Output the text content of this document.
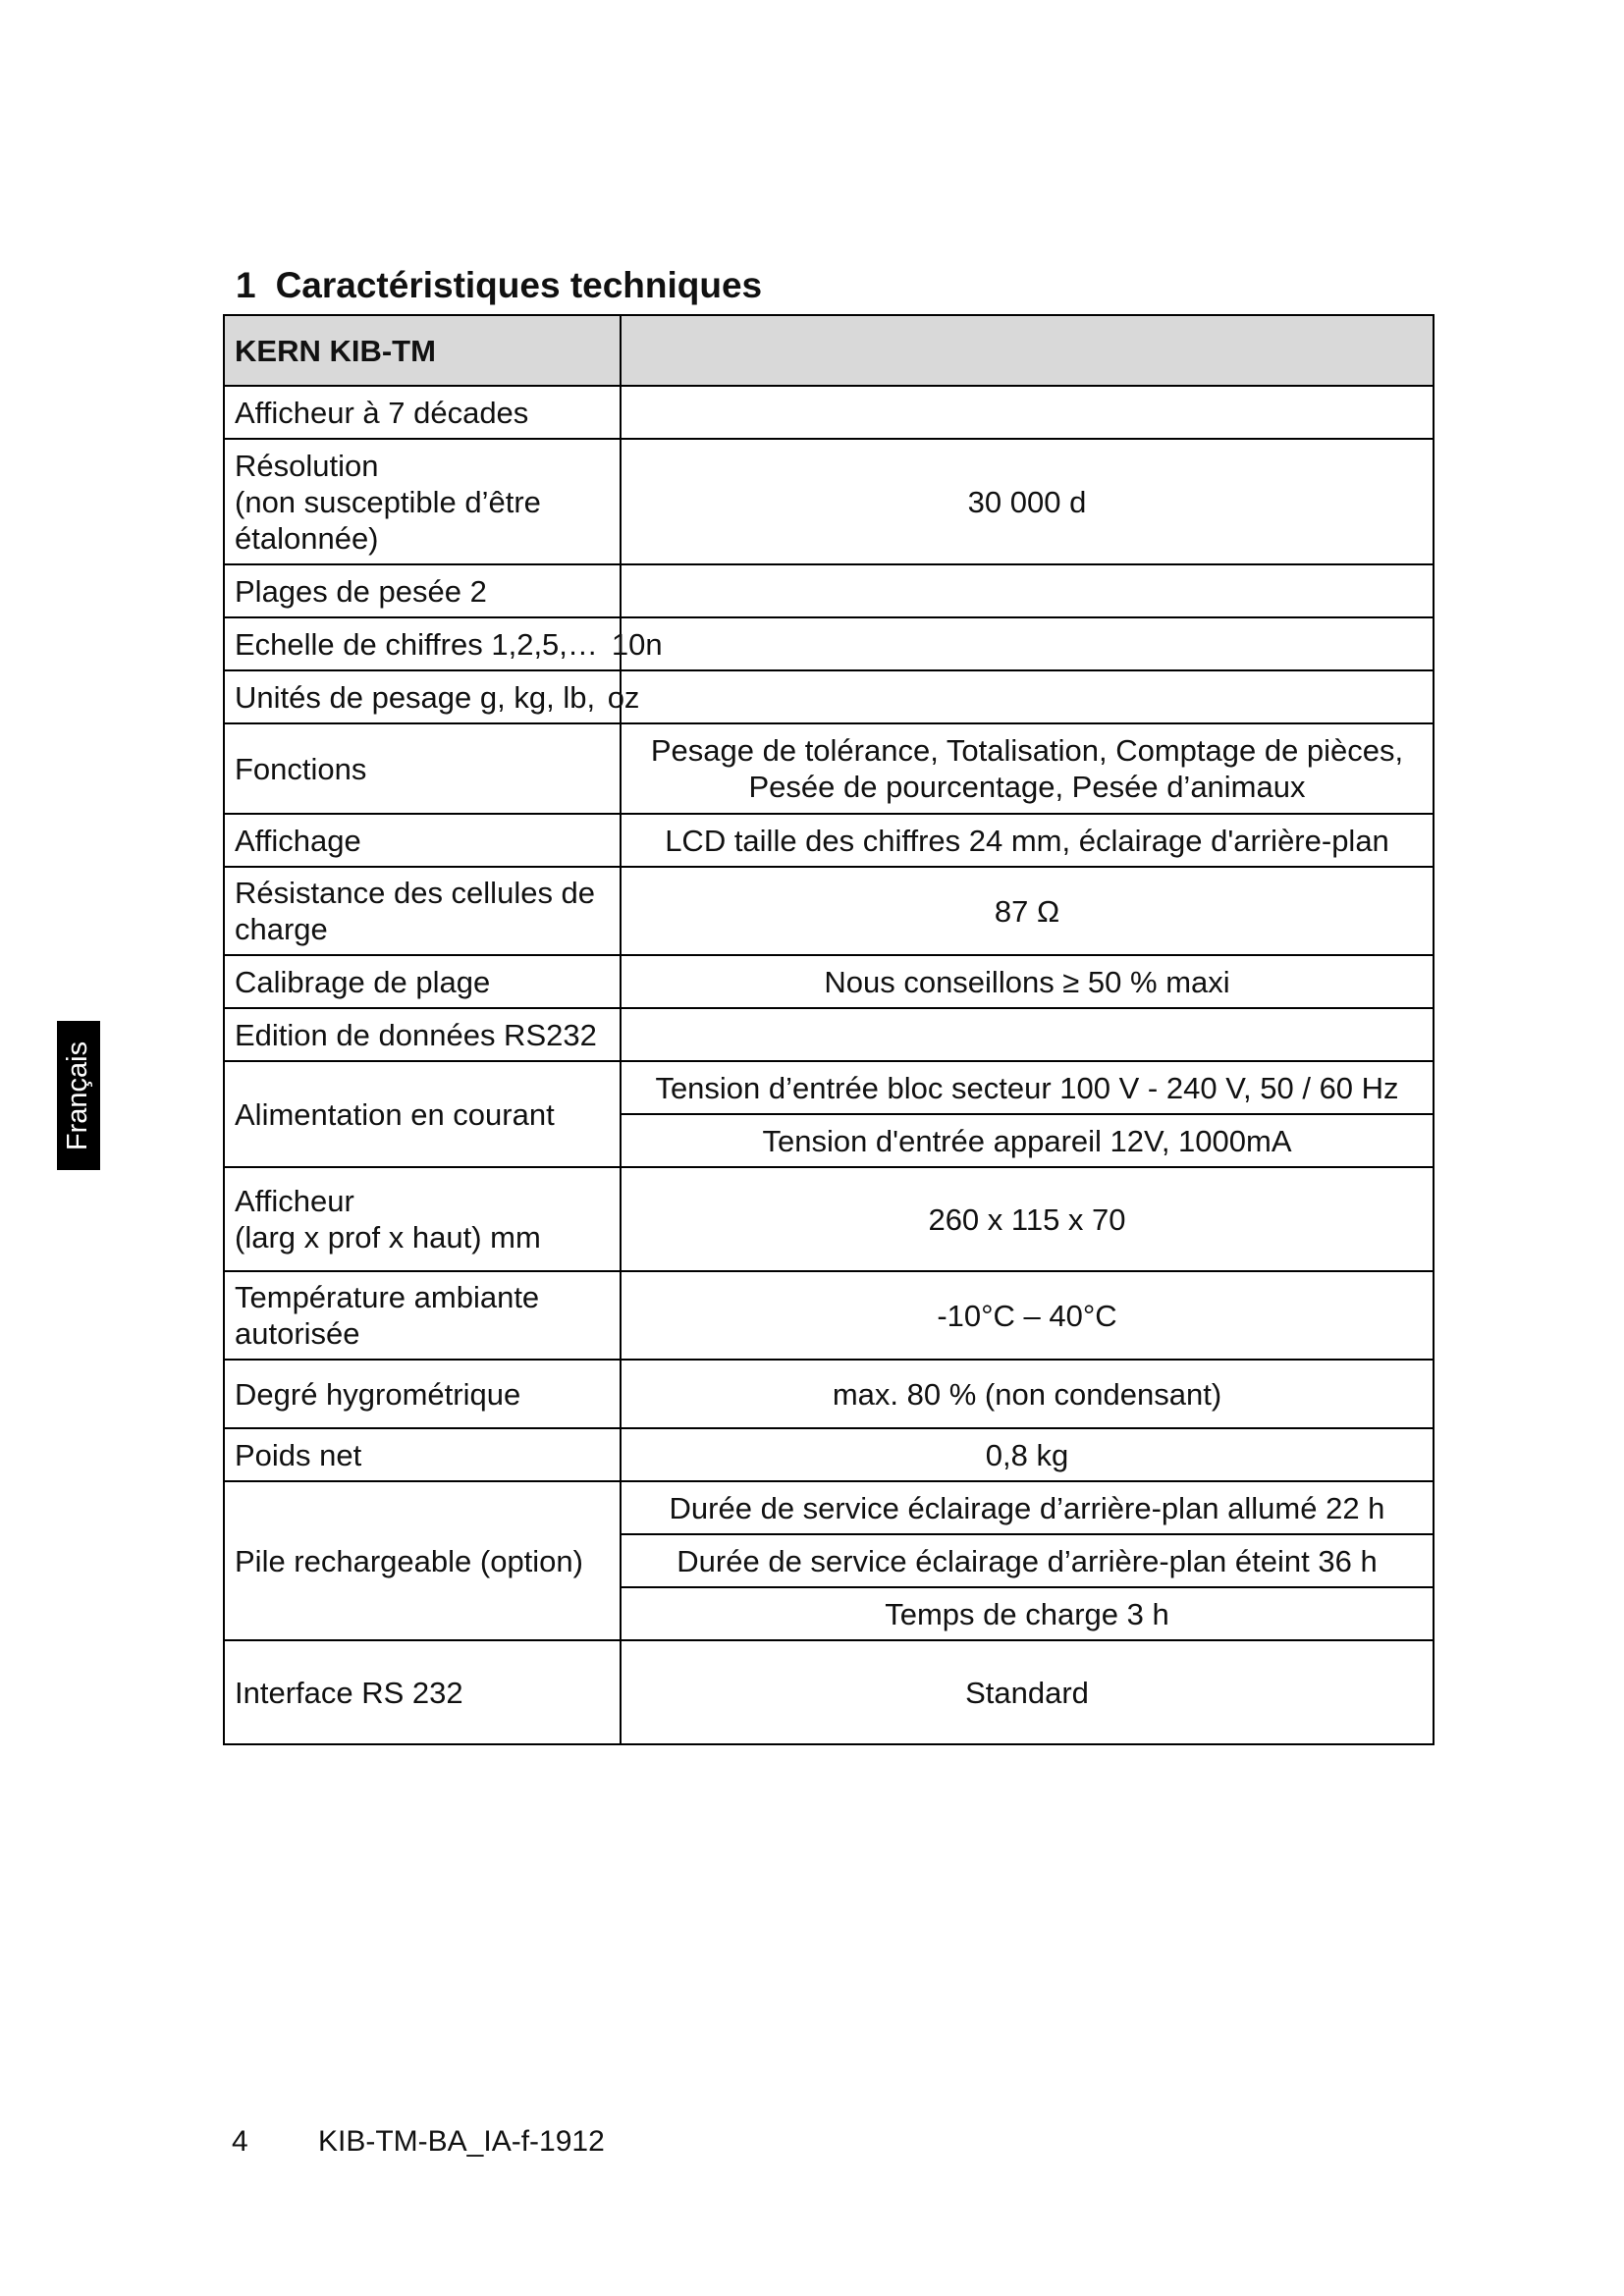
1 Caractéristiques techniques
KERN KIB-TM	
Afficheur à 7 décades	
Résolution
(non susceptible d’être
étalonnée)	30 000 d
Plages de pesée 2	
Echelle de chiffres 1,2,5,… 10n	
Unités de pesage g, kg, lb, oz	
Fonctions	Pesage de tolérance, Totalisation, Comptage de pièces,
Pesée de pourcentage, Pesée d’animaux
Affichage	LCD taille des chiffres 24 mm, éclairage d'arrière-plan
Résistance des cellules de
charge	87 Ω
Calibrage de plage	Nous conseillons ≥ 50 % maxi
Edition de données RS232	
Alimentation en courant	Tension d’entrée bloc secteur 100 V - 240 V, 50 / 60 Hz
	Tension d'entrée appareil 12V, 1000mA
Afficheur
(larg x prof x haut) mm	260 x 115 x 70
Température ambiante
autorisée	-10°C – 40°C
Degré hygrométrique	max. 80 % (non condensant)
Poids net	0,8 kg
Pile rechargeable (option)	Durée de service éclairage d’arrière-plan allumé 22 h
	Durée de service éclairage d’arrière-plan éteint 36 h
	Temps de charge 3 h
Interface RS 232	Standard
Français
4 KIB-TM-BA_IA-f-1912
